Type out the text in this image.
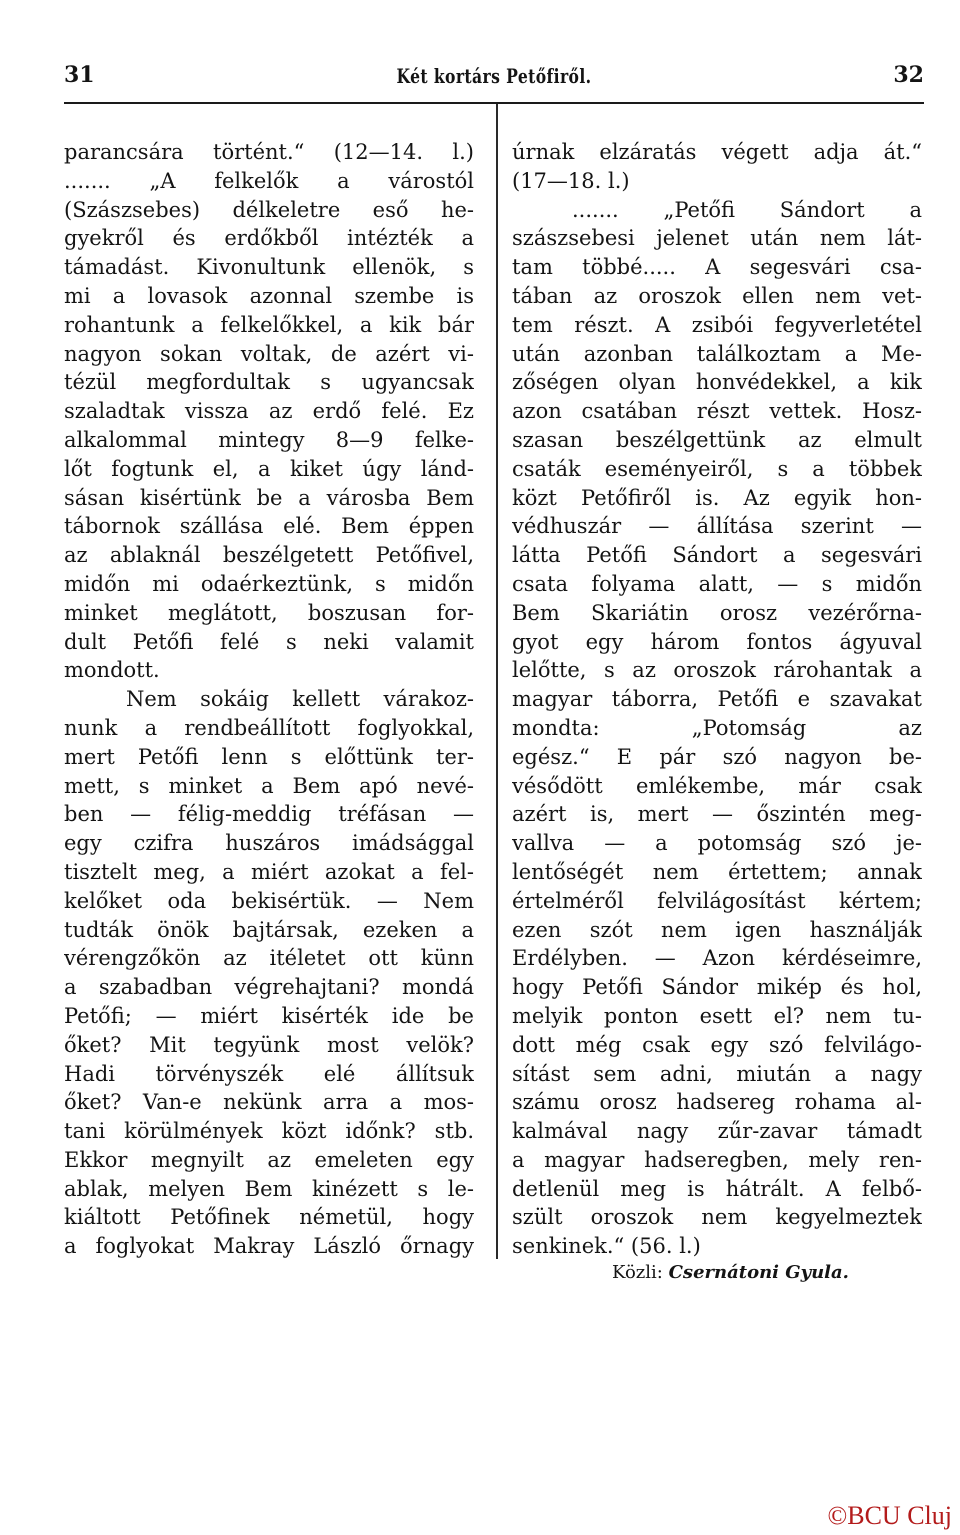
31	Két kortárs Petőfiről.	32

parancsára történt.“ (12—14. l.)

....... „A felkelők a várostól

(Szászsebes) délkeletre eső he-

gyekről és erdőkből intézték a

támadást. Kivonultunk ellenök, s

mi a lovasok azonnal szembe is

rohantunk a felkelőkkel, a kik bár

nagyon sokan voltak, de azért vi-

tézül megfordultak s ugyancsak

szaladtak vissza az erdő felé. Ez

alkalommal mintegy 8—9 felke-

lőt fogtunk el, a kiket úgy lánd-

sásan kisértünk be a városba Bem

tábornok szállása elé. Bem éppen

az ablaknál beszélgetett Petőfivel,

midőn mi odaérkeztünk, s midőn

minket meglátott, boszusan for-

dult Petőfi felé s neki valamit

mondott.

Nem sokáig kellett várakoz-

nunk a rendbeállított foglyokkal,

mert Petőfi lenn s előttünk ter-

mett, s minket a Bem apó nevé-

ben — félig-meddig tréfásan —

egy czifra huszáros imádsággal

tisztelt meg, a miért azokat a fel-

kelőket oda bekisértük. — Nem

tudták önök bajtársak, ezeken a

vérengzőkön az itéletet ott künn

a szabadban végrehajtani? mondá

Petőfi; — miért kisérték ide be

őket? Mit tegyünk most velök?

Hadi törvényszék elé állítsuk

őket? Van-e nekünk arra a mos-

tani körülmények közt időnk? stb.

Ekkor megnyilt az emeleten egy

ablak, melyen Bem kinézett s le-

kiáltott Petőfinek németül, hogy

a foglyokat Makray László őrnagy

úrnak elzáratás végett adja át.“

(17—18. l.)

....... „Petőfi Sándort a

szászsebesi jelenet után nem lát-

tam többé..... A segesvári csa-

tában az oroszok ellen nem vet-

tem részt. A zsibói fegyverletétel

után azonban találkoztam a Me-

zőségen olyan honvédekkel, a kik

azon csatában részt vettek. Hosz-

szasan beszélgettünk az elmult

csaták eseményeiről, s a többek

közt Petőfiről is. Az egyik hon-

védhuszár — állítása szerint —

látta Petőfi Sándort a segesvári

csata folyama alatt, — s midőn

Bem Skariátin orosz vezérőrna-

gyot egy három fontos ágyuval

lelőtte, s az oroszok rárohantak a

magyar táborra, Petőfi e szavakat

mondta: „Potomság az

egész.“ E pár szó nagyon be-

vésődött emlékembe, már csak

azért is, mert — őszintén meg-

vallva — a potomság szó je-

lentőségét nem értettem; annak

értelméről felvilágosítást kértem;

ezen szót nem igen használják

Erdélyben. — Azon kérdéseimre,

hogy Petőfi Sándor mikép és hol,

melyik ponton esett el? nem tu-

dott még csak egy szó felvilágo-

sítást sem adni, miután a nagy

számu orosz hadsereg rohama al-

kalmával nagy zűr-zavar támadt

a magyar hadseregben, mely ren-

detlenül meg is hátrált. A felbő-

szült oroszok nem kegyelmeztek

senkinek.“ (56. l.)

Közli: Csernátoni Gyula.
©BCU Cluj
